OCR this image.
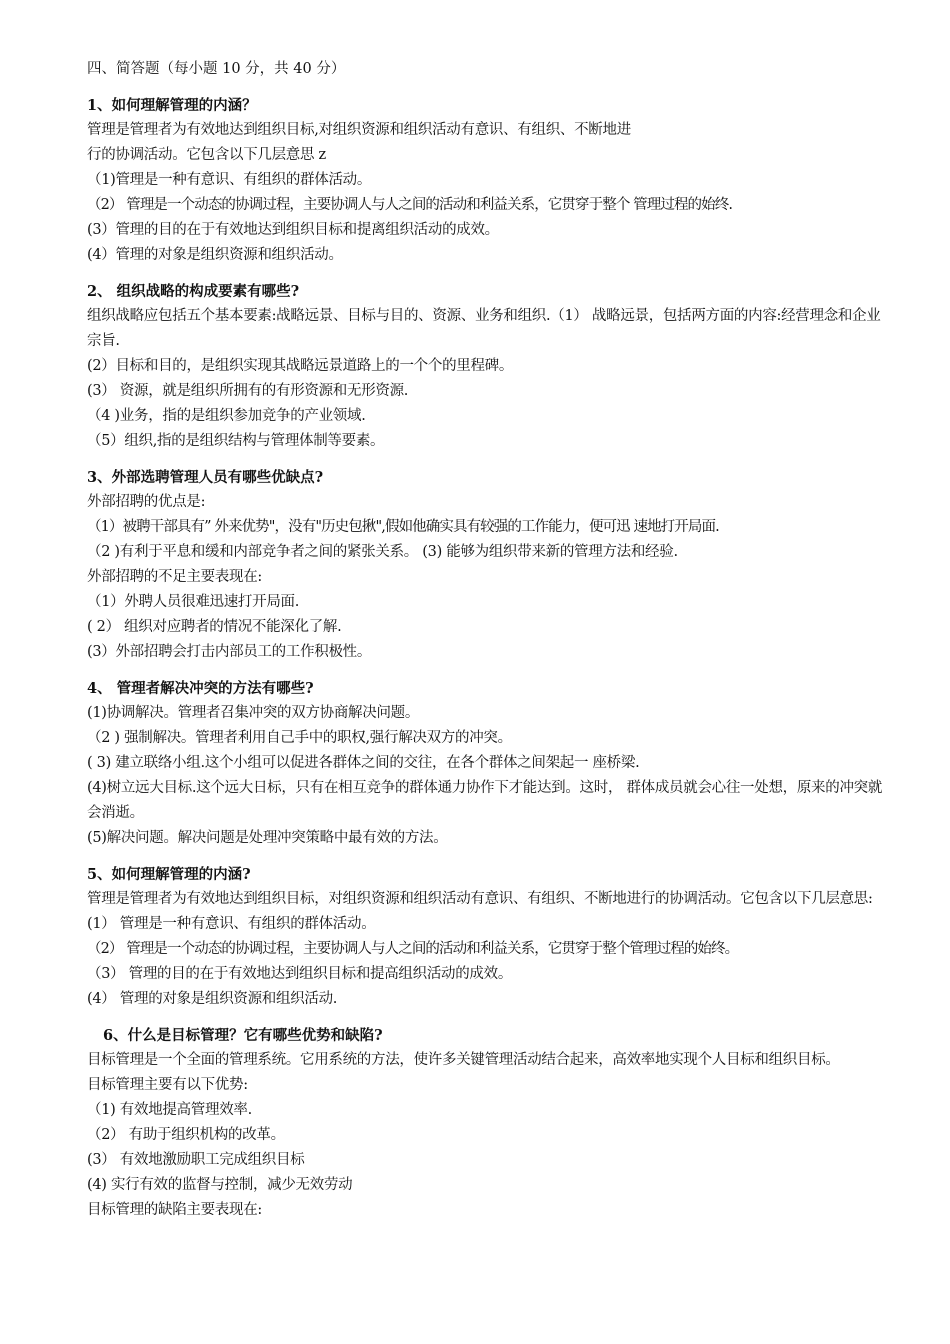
四、简答题（每小题 10 分，共 40 分）

1、如何理解管理的内涵？

管理是管理者为有效地达到组织目标,对组织资源和组织活动有意识、有组织、不断地进

行的协调活动。它包含以下几层意思 z

（1)管理是一种有意识、有组织的群体活动。

（2） 管理是一个动态的协调过程，主要协调人与人之间的活动和利益关系，它贯穿于整个 管理过程的始终.

(3）管理的目的在于有效地达到组织目标和提离组织活动的成效。

(4）管理的对象是组织资源和组织活动。

2、 组织战略的构成要素有哪些?

组织战略应包括五个基本要素:战略远景、目标与目的、资源、业务和组织.（1） 战略远景，包括两方面的内容:经营理念和企业宗旨.

(2）目标和目的，是组织实现其战略远景道路上的一个个的里程碑。

(3） 资源，就是组织所拥有的有形资源和无形资源.

（4 )业务，指的是组织参加竞争的产业领域.

（5）组织,指的是组织结构与管理体制等要素。

3、外部选聘管理人员有哪些优缺点?

外部招聘的优点是:

（1）被聘干部具有” 外来优势"，没有"历史包揪",假如他确实具有较强的工作能力，便可迅 速地打开局面.

（2 )有利于平息和缓和内部竞争者之间的紧张关系。 (3) 能够为组织带来新的管理方法和经验.

外部招聘的不足主要表现在:

（1）外聘人员很难迅速打开局面.

( 2） 组织对应聘者的情况不能深化了解.

(3）外部招聘会打击内部员工的工作积极性。

4、 管理者解决冲突的方法有哪些?

(1)协调解决。管理者召集冲突的双方协商解决问题。

（2 ) 强制解决。管理者利用自己手中的职权,强行解决双方的冲突。

( 3) 建立联络小组.这个小组可以促进各群体之间的交往，在各个群体之间架起一 座桥梁.

(4)树立远大目标.这个远大日标，只有在相互竞争的群体通力协作下才能达到。这时， 群体成员就会心往一处想，原来的冲突就会消逝。

(5)解决问题。解决问题是处理冲突策略中最有效的方法。

5、如何理解管理的内涵?

管理是管理者为有效地达到组织目标，对组织资源和组织活动有意识、有组织、不断地进行的协调活动。它包含以下几层意思:

(1） 管理是一种有意识、有组织的群体活动。

（2） 管理是一个动态的协调过程，主要协调人与人之间的活动和利益关系，它贯穿于整个管理过程的始终。

（3） 管理的目的在于有效地达到组织目标和提高组织活动的成效。

(4） 管理的对象是组织资源和组织活动.

6、什么是目标管理？它有哪些优势和缺陷?

目标管理是一个全面的管理系统。它用系统的方法，使许多关键管理活动结合起来，高效率地实现个人目标和组织目标。

目标管理主要有以下优势:

（1) 有效地提高管理效率.

（2） 有助于组织机构的改革。

(3） 有效地激励职工完成组织目标

(4) 实行有效的监督与控制，减少无效劳动

目标管理的缺陷主要表现在:
